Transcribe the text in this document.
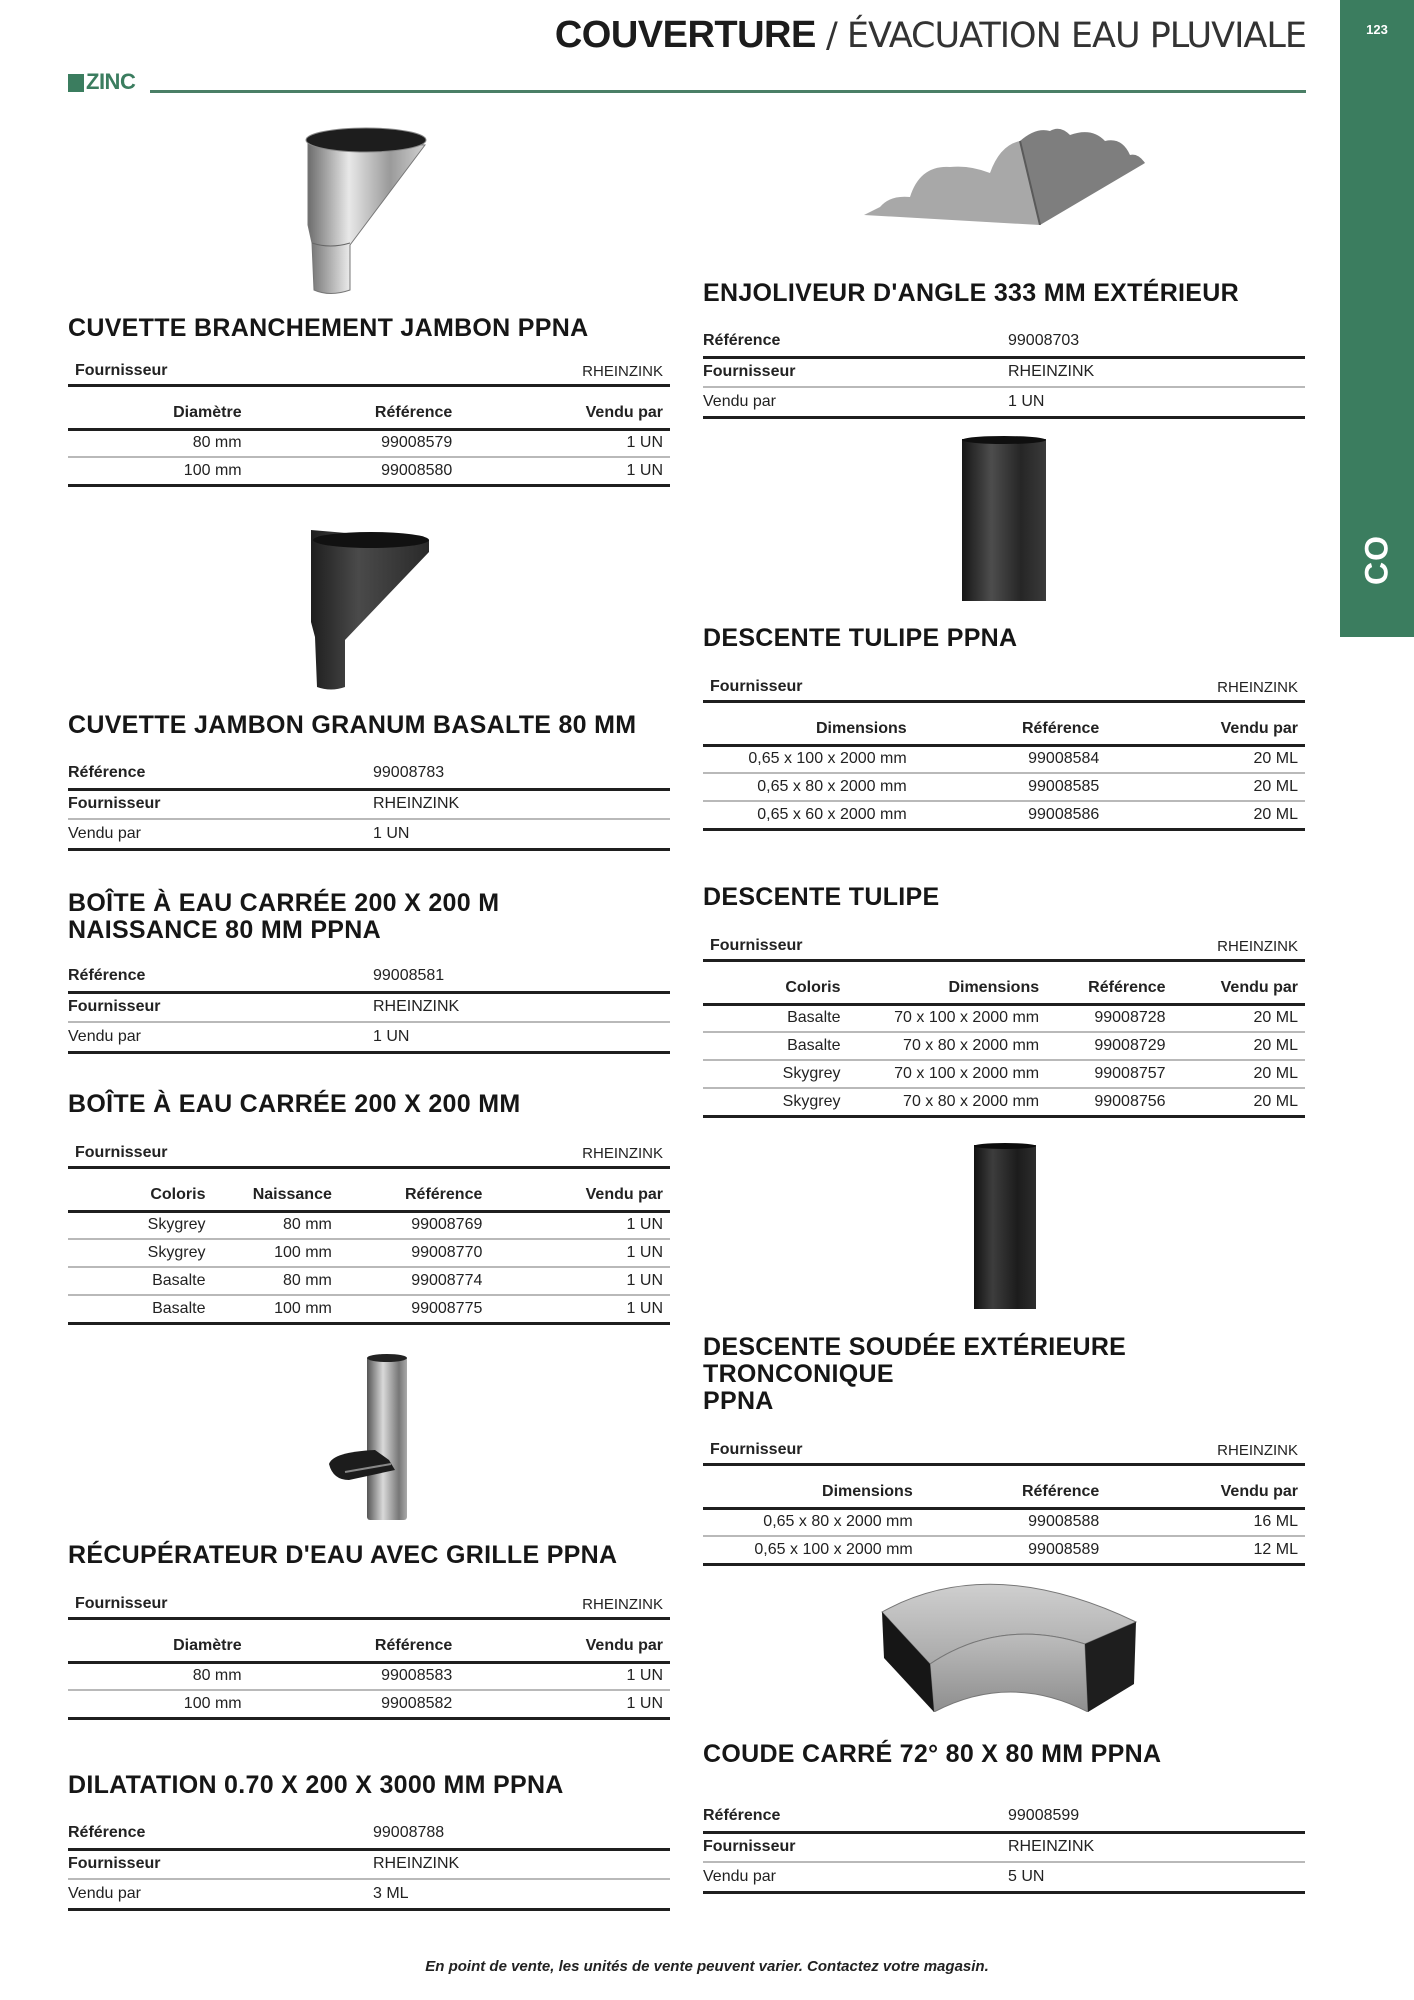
COUVERTURE / ÉVACUATION EAU PLUVIALE
ZINC
123
CO
CUVETTE BRANCHEMENT JAMBON PPNA
Fournisseur	RHEINZINK
Diamètre	Référence	Vendu par
80 mm	99008579	1 UN
100 mm	99008580	1 UN
CUVETTE JAMBON GRANUM BASALTE 80 MM
Référence	99008783
Fournisseur	RHEINZINK
Vendu par	1 UN
BOÎTE À EAU CARRÉE 200 X 200 M
NAISSANCE 80 MM PPNA
Référence	99008581
Fournisseur	RHEINZINK
Vendu par	1 UN
BOÎTE À EAU CARRÉE 200 X 200 MM
Fournisseur	RHEINZINK
Coloris	Naissance	Référence	Vendu par
Skygrey	80 mm	99008769	1 UN
Skygrey	100 mm	99008770	1 UN
Basalte	80 mm	99008774	1 UN
Basalte	100 mm	99008775	1 UN
RÉCUPÉRATEUR D'EAU AVEC GRILLE PPNA
Fournisseur	RHEINZINK
Diamètre	Référence	Vendu par
80 mm	99008583	1 UN
100 mm	99008582	1 UN
DILATATION 0.70 X 200 X 3000 MM PPNA
Référence	99008788
Fournisseur	RHEINZINK
Vendu par	3 ML
ENJOLIVEUR D'ANGLE 333 MM EXTÉRIEUR
Référence	99008703
Fournisseur	RHEINZINK
Vendu par	1 UN
DESCENTE TULIPE PPNA
Fournisseur	RHEINZINK
Dimensions	Référence	Vendu par
0,65 x 100 x 2000 mm	99008584	20 ML
0,65 x 80 x 2000 mm	99008585	20 ML
0,65 x 60 x 2000 mm	99008586	20 ML
DESCENTE TULIPE
Fournisseur	RHEINZINK
Coloris	Dimensions	Référence	Vendu par
Basalte	70 x 100 x 2000 mm	99008728	20 ML
Basalte	70 x 80 x 2000 mm	99008729	20 ML
Skygrey	70 x 100 x 2000 mm	99008757	20 ML
Skygrey	70 x 80 x 2000 mm	99008756	20 ML
DESCENTE SOUDÉE EXTÉRIEURE TRONCONIQUE
PPNA
Fournisseur	RHEINZINK
Dimensions	Référence	Vendu par
0,65 x 80 x 2000 mm	99008588	16 ML
0,65 x 100 x 2000 mm	99008589	12 ML
COUDE CARRÉ 72° 80 X 80 MM PPNA
Référence	99008599
Fournisseur	RHEINZINK
Vendu par	5 UN
En point de vente, les unités de vente peuvent varier. Contactez votre magasin.
